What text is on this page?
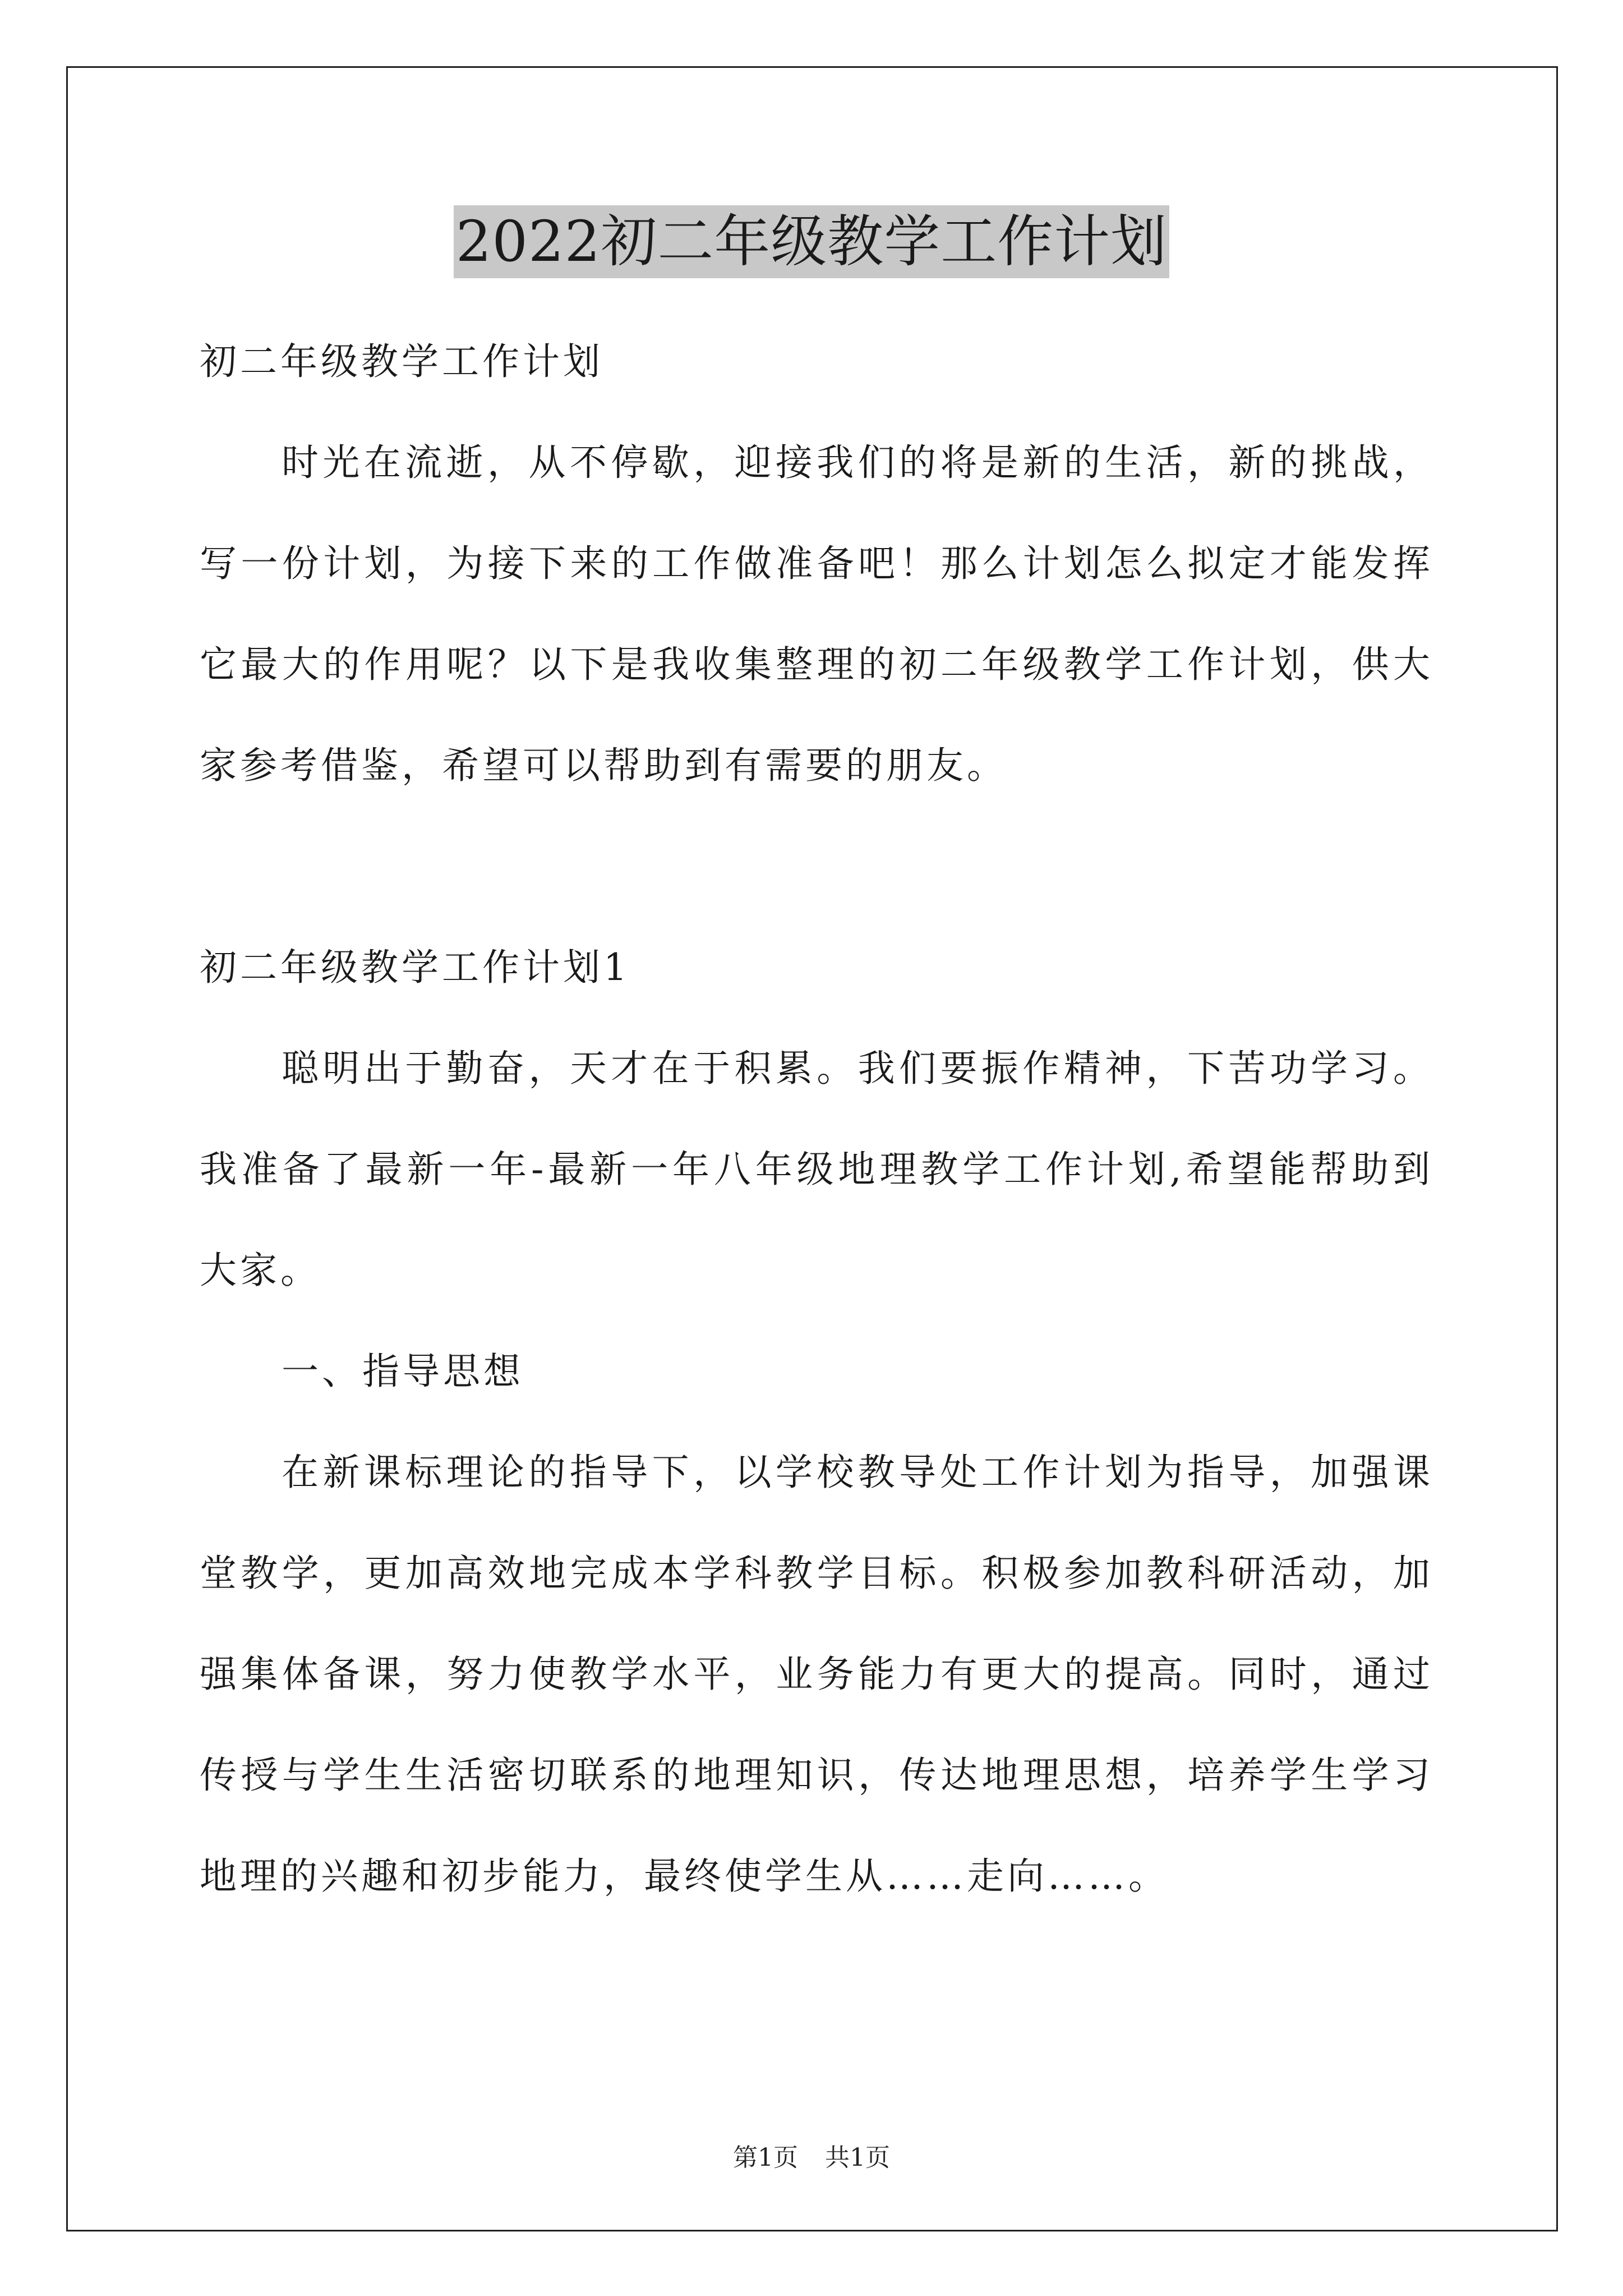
2022初二年级教学工作计划

初二年级教学工作计划

时光在流逝，从不停歇，迎接我们的将是新的生活，新的挑战，写一份计划，为接下来的工作做准备吧！那么计划怎么拟定才能发挥它最大的作用呢？以下是我收集整理的初二年级教学工作计划，供大家参考借鉴，希望可以帮助到有需要的朋友。

初二年级教学工作计划1

聪明出于勤奋，天才在于积累。我们要振作精神，下苦功学习。我准备了最新一年-最新一年八年级地理教学工作计划,希望能帮助到大家。

一、指导思想

在新课标理论的指导下，以学校教导处工作计划为指导，加强课堂教学，更加高效地完成本学科教学目标。积极参加教科研活动，加强集体备课，努力使教学水平，业务能力有更大的提高。同时，通过传授与学生生活密切联系的地理知识，传达地理思想，培养学生学习地理的兴趣和初步能力，最终使学生从……走向……。

第1页 共1页
